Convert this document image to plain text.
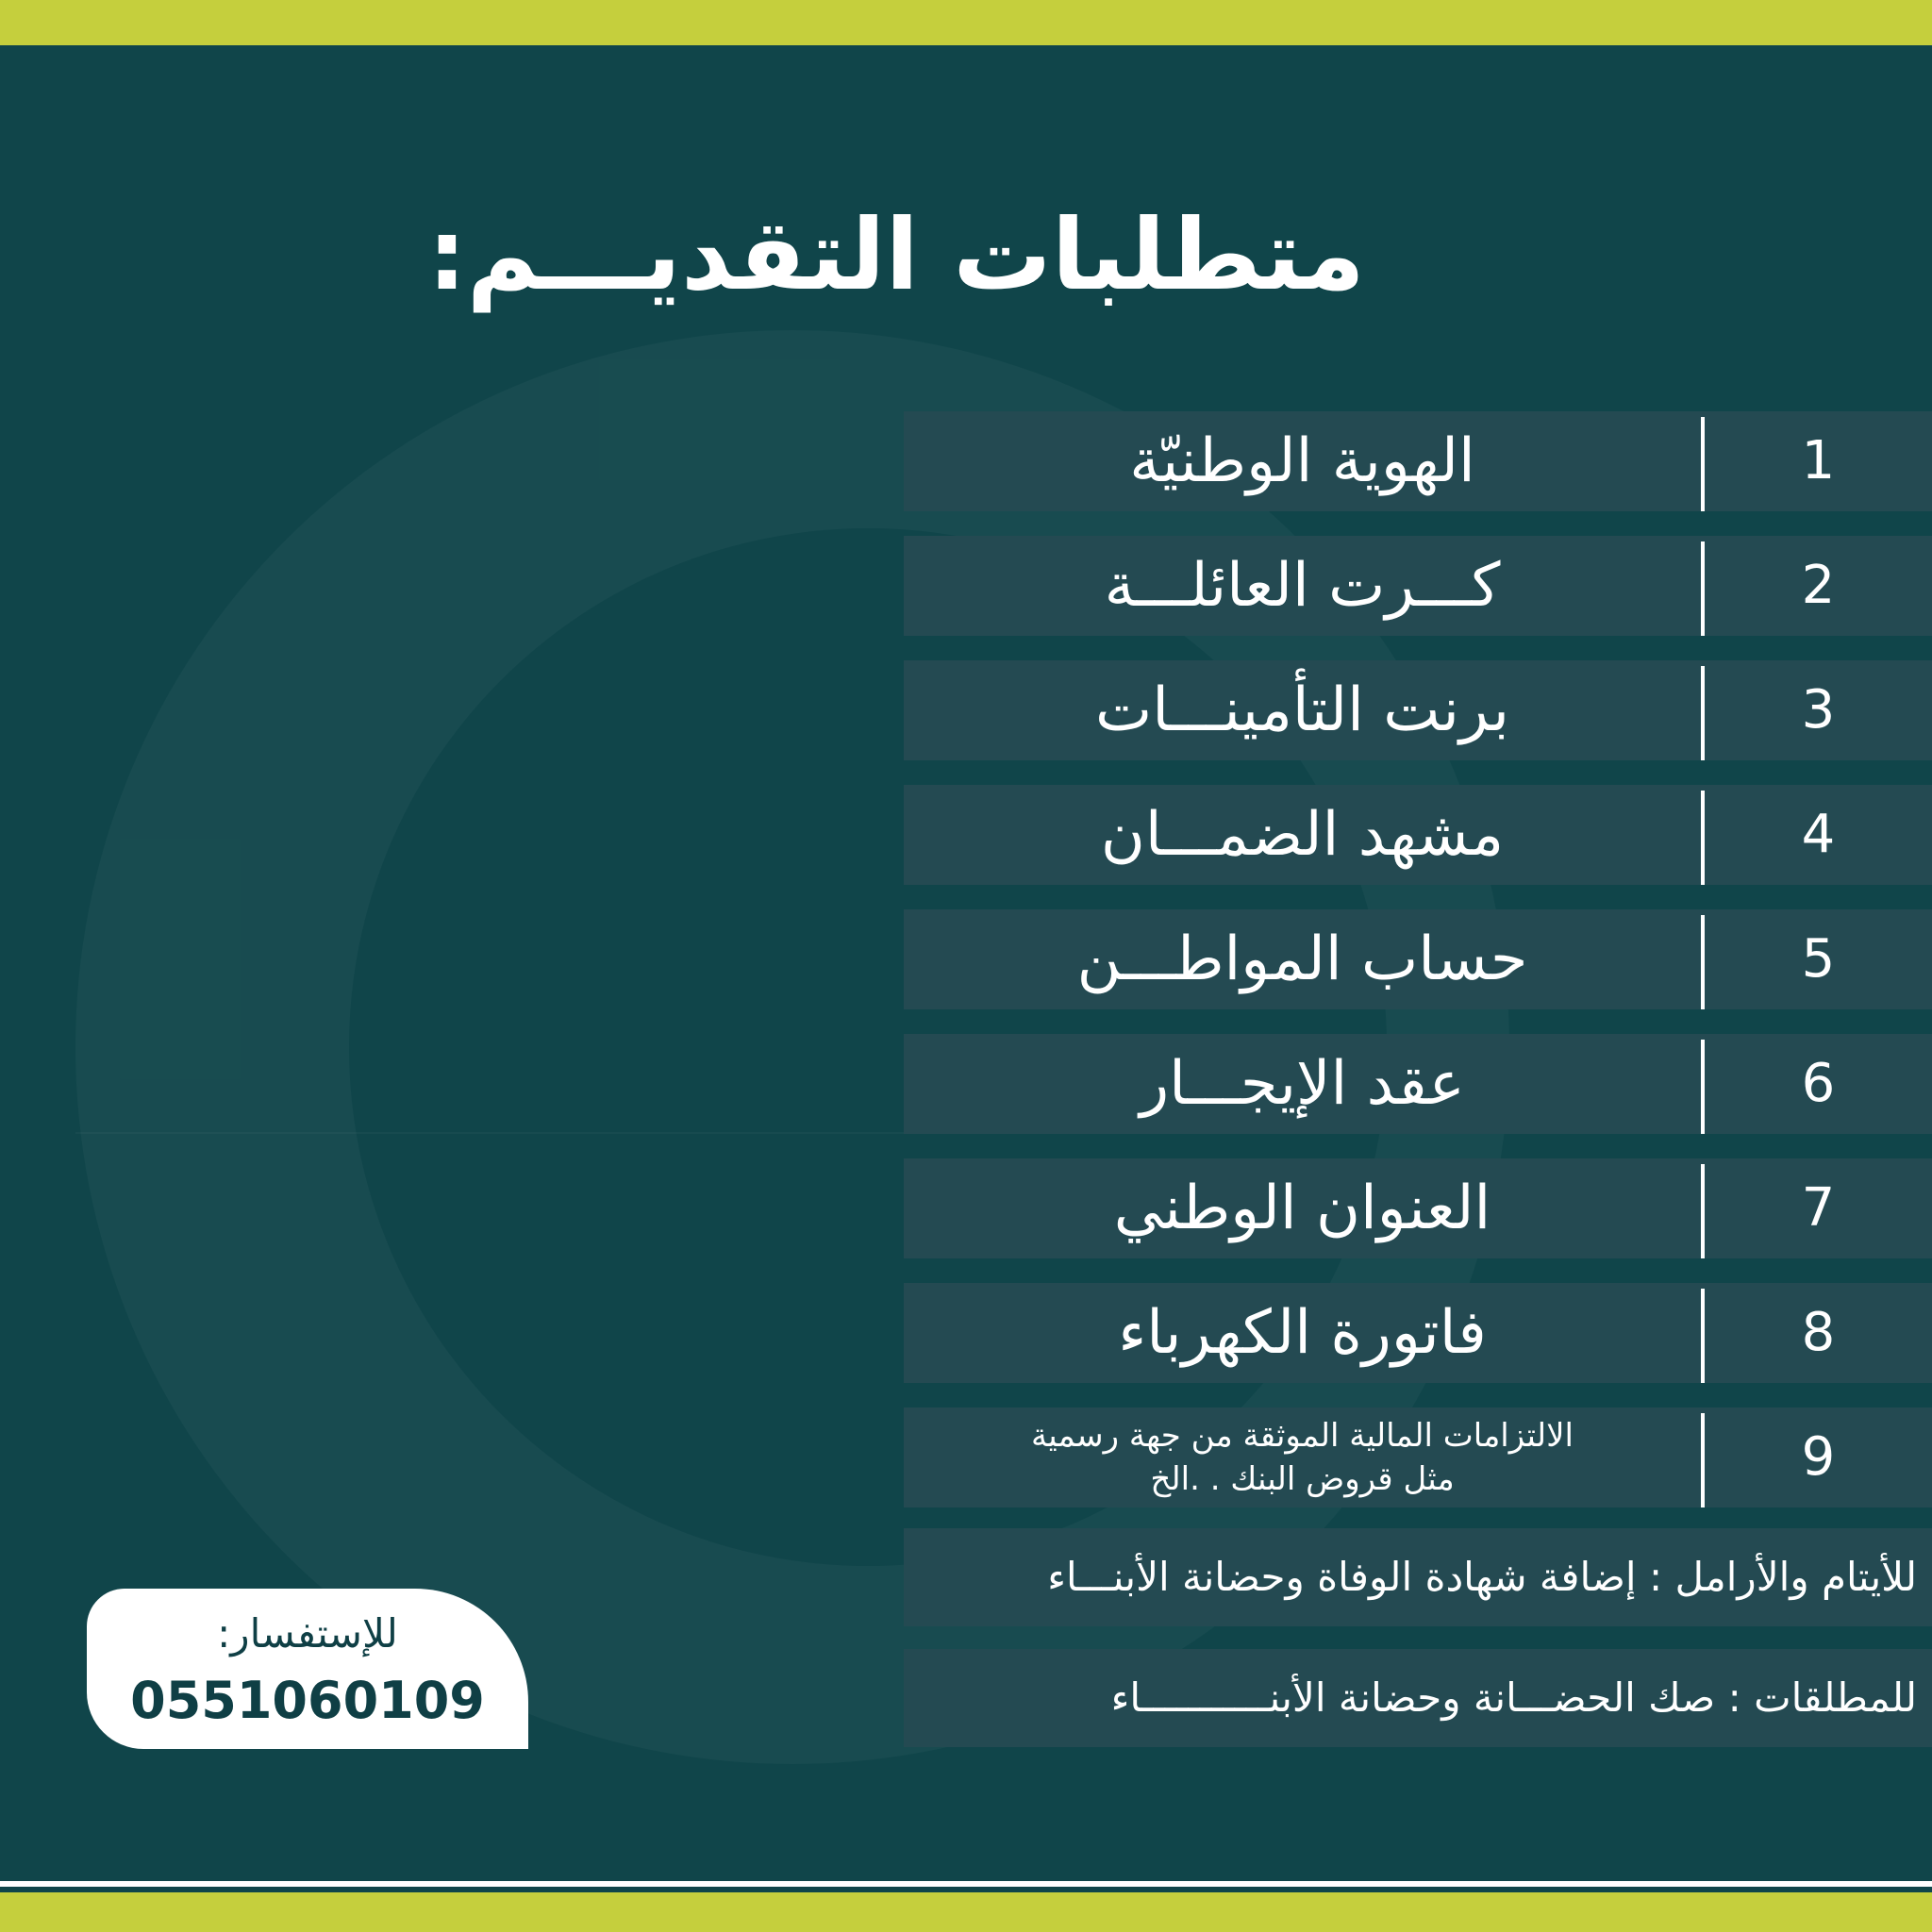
متطلبات التقديـــم:
1
الهوية الوطنيّة
2
كـــرت العائلـــة
3
برنت التأمينـــات
4
مشهد الضمـــان
5
حساب المواطـــن
6
عقد الإيجـــار
7
العنوان الوطني
8
فاتورة الكهرباء
9
الالتزامات المالية الموثقة من جهة رسمية
مثل قروض البنك . .الخ
للأيتام والأرامل : إضافة شهادة الوفاة وحضانة الأبنـــاء
للمطلقات : صك الحضـــانة وحضانة الأبنـــــــــــاء
للإستفسار:
0551060109
